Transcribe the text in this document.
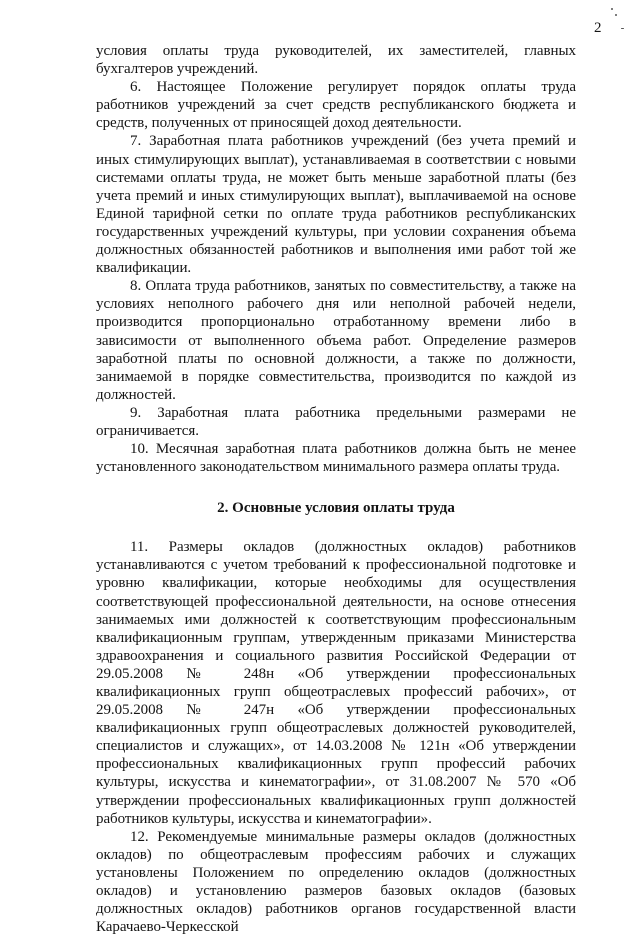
2

условия оплаты труда руководителей, их заместителей, главных бухгалтеров учреждений.

6. Настоящее Положение регулирует порядок оплаты труда работников учреждений за счет средств республиканского бюджета и средств, полученных от приносящей доход деятельности.

7. Заработная плата работников учреждений (без учета премий и иных стимулирующих выплат), устанавливаемая в соответствии с новыми системами оплаты труда, не может быть меньше заработной платы (без учета премий и иных стимулирующих выплат), выплачиваемой на основе Единой тарифной сетки по оплате труда работников республиканских государственных учреждений культуры, при условии сохранения объема должностных обязанностей работников и выполнения ими работ той же квалификации.

8. Оплата труда работников, занятых по совместительству, а также на условиях неполного рабочего дня или неполной рабочей недели, производится пропорционально отработанному времени либо в зависимости от выполненного объема работ. Определение размеров заработной платы по основной должности, а также по должности, занимаемой в порядке совместительства, производится по каждой из должностей.

9. Заработная плата работника предельными размерами не ограничивается.

10. Месячная заработная плата работников должна быть не менее установленного законодательством минимального размера оплаты труда.

2. Основные условия оплаты труда

11. Размеры окладов (должностных окладов) работников устанавливаются с учетом требований к профессиональной подготовке и уровню квалификации, которые необходимы для осуществления соответствующей профессиональной деятельности, на основе отнесения занимаемых ими должностей к соответствующим профессиональным квалификационным группам, утвержденным приказами Министерства здравоохранения и социального развития Российской Федерации от 29.05.2008 № 248н «Об утверждении профессиональных квалификационных групп общеотраслевых профессий рабочих», от 29.05.2008 № 247н «Об утверждении профессиональных квалификационных групп общеотраслевых должностей руководителей, специалистов и служащих», от 14.03.2008 № 121н «Об утверждении профессиональных квалификационных групп профессий рабочих культуры, искусства и кинематографии», от 31.08.2007 № 570 «Об утверждении профессиональных квалификационных групп должностей работников культуры, искусства и кинематографии».

12. Рекомендуемые минимальные размеры окладов (должностных окладов) по общеотраслевым профессиям рабочих и служащих установлены Положением по определению окладов (должностных окладов) и установлению размеров базовых окладов (базовых должностных окладов) работников органов государственной власти Карачаево-Черкесской
